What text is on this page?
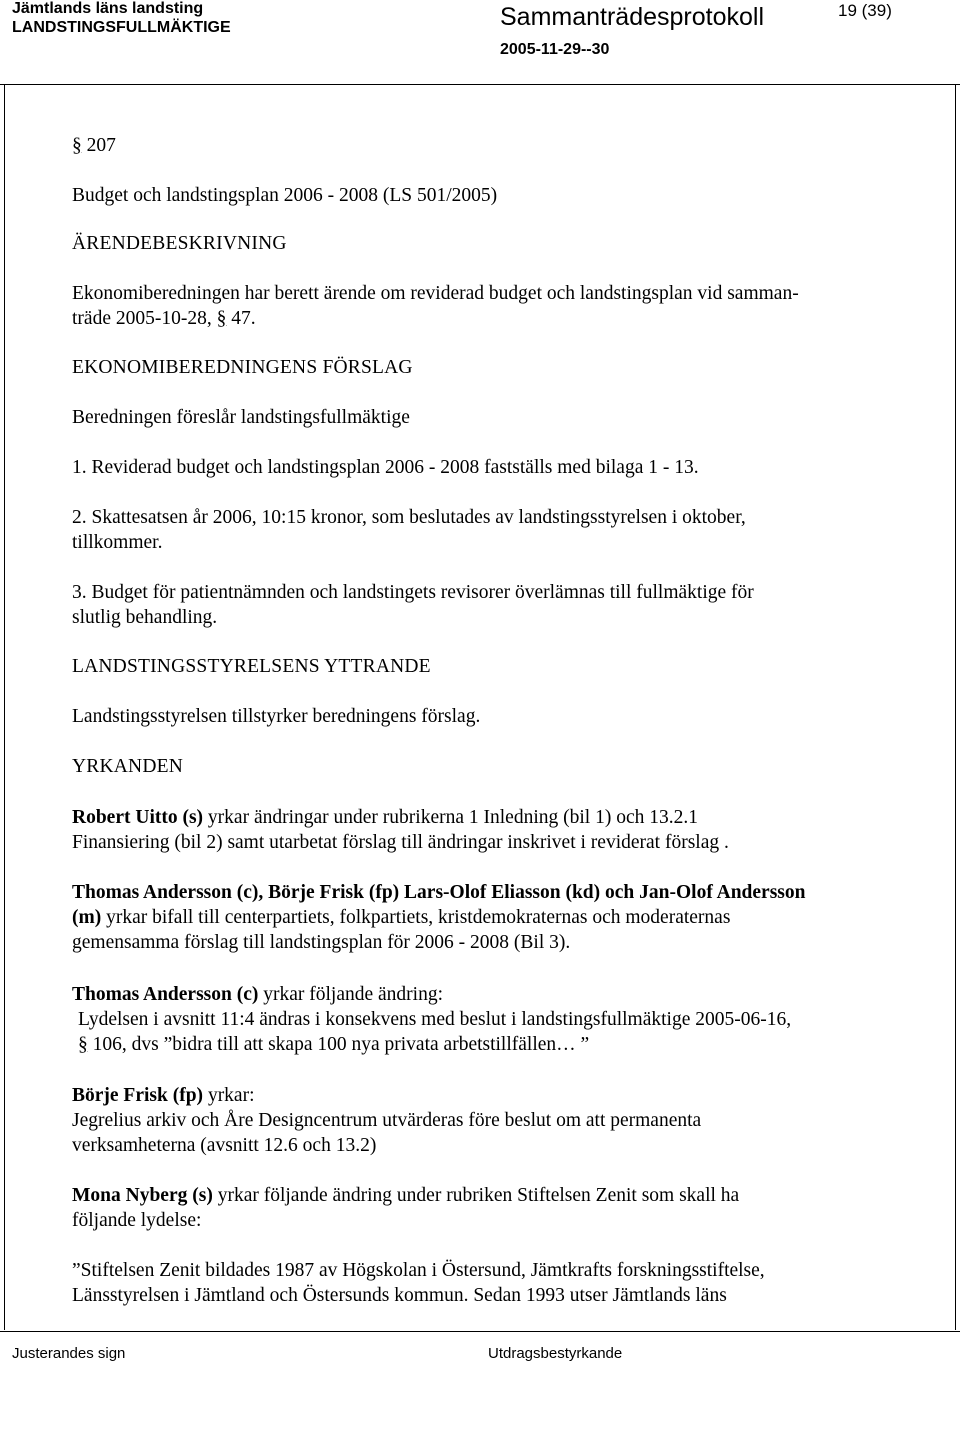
Jämtlands läns landsting
LANDSTINGSFULLMÄKTIGE	Sammanträdesprotokoll
2005-11-29--30
19 (39)
§ 207
Budget och landstingsplan 2006 - 2008 (LS 501/2005)
ÄRENDEBESKRIVNING
Ekonomiberedningen har berett ärende om reviderad budget och landstingsplan vid samman-
träde 2005-10-28, § 47.
EKONOMIBEREDNINGENS FÖRSLAG
Beredningen föreslår landstingsfullmäktige
1. Reviderad budget och landstingsplan 2006 - 2008 fastställs med bilaga 1 - 13.
2. Skattesatsen år 2006, 10:15 kronor, som beslutades av landstingsstyrelsen i oktober,
tillkommer.
3. Budget för patientnämnden och landstingets revisorer överlämnas till fullmäktige för
slutlig behandling.
LANDSTINGSSTYRELSENS YTTRANDE
Landstingsstyrelsen tillstyrker beredningens förslag.
YRKANDEN
Robert Uitto (s) yrkar ändringar under rubrikerna 1 Inledning (bil 1) och 13.2.1
Finansiering (bil 2) samt utarbetat förslag till ändringar inskrivet i reviderat förslag .
Thomas Andersson (c), Börje Frisk (fp) Lars-Olof Eliasson (kd) och Jan-Olof Andersson
(m) yrkar bifall till centerpartiets, folkpartiets, kristdemokraternas och moderaternas
gemensamma förslag till landstingsplan för 2006 - 2008 (Bil 3).
Thomas Andersson (c) yrkar följande ändring:
Lydelsen i avsnitt 11:4 ändras i konsekvens med beslut i landstingsfullmäktige 2005-06-16,
§ 106, dvs ”bidra till att skapa 100 nya privata arbetstillfällen… ”
Börje Frisk (fp) yrkar:
Jegrelius arkiv och Åre Designcentrum utvärderas före beslut om att permanenta
verksamheterna (avsnitt 12.6 och 13.2)
Mona Nyberg (s) yrkar följande ändring under rubriken Stiftelsen Zenit som skall ha
följande lydelse:
”Stiftelsen Zenit bildades 1987 av Högskolan i Östersund, Jämtkrafts forskningsstiftelse,
Länsstyrelsen i Jämtland och Östersunds kommun. Sedan 1993 utser Jämtlands läns
Justerandes sign	Utdragsbestyrkande
